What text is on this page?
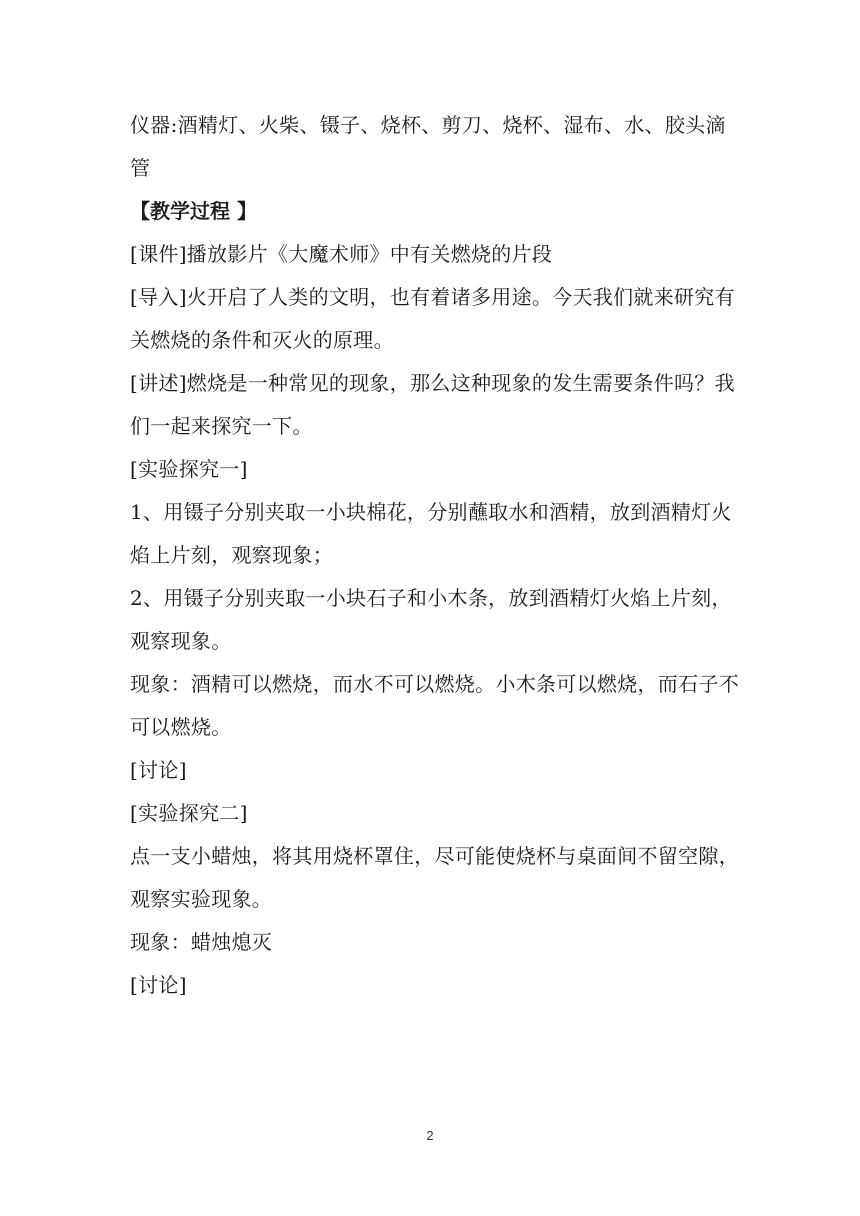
仪器:酒精灯、火柴、镊子、烧杯、剪刀、烧杯、湿布、水、胶头滴
管
【教学过程 】
[课件]播放影片《大魔术师》中有关燃烧的片段
[导入]火开启了人类的文明，也有着诸多用途。今天我们就来研究有
关燃烧的条件和灭火的原理。
[讲述]燃烧是一种常见的现象，那么这种现象的发生需要条件吗？我
们一起来探究一下。
[实验探究一]
1、用镊子分别夹取一小块棉花，分别蘸取水和酒精，放到酒精灯火
焰上片刻，观察现象；
2、用镊子分别夹取一小块石子和小木条，放到酒精灯火焰上片刻，
观察现象。
现象：酒精可以燃烧，而水不可以燃烧。小木条可以燃烧，而石子不
可以燃烧。
[讨论]
[实验探究二]
点一支小蜡烛，将其用烧杯罩住，尽可能使烧杯与桌面间不留空隙，
观察实验现象。
现象：蜡烛熄灭
[讨论]
2
